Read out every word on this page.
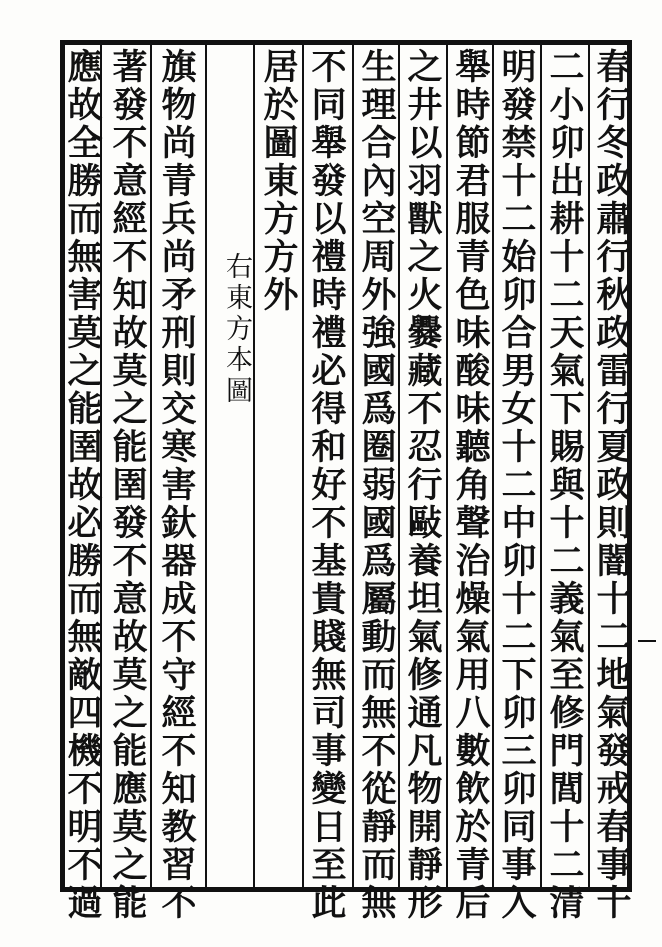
春行冬政肅行秋政雷行夏政則闇十二地氣發戒春事十
二小卯出耕十二天氣下賜與十二義氣至修門閭十二清
明發禁十二始卯合男女十二中卯十二下卯三卯同事入
舉時節君服青色味酸味聽角聲治燥氣用八數飲於青后
之井以羽獸之火爨藏不忍行敺養坦氣修通凡物開靜形
生理合內空周外強國爲圈弱國爲屬動而無不從靜而無
不同舉發以禮時禮必得和好不基貴賤無司事變日至此
居於圖東方方外
右東方本圖
旗物尚青兵尚矛刑則交寒害釱器成不守經不知教習不
著發不意經不知故莫之能圉發不意故莫之能應莫之能
應故全勝而無害莫之能圉故必勝而無敵四機不明不過
